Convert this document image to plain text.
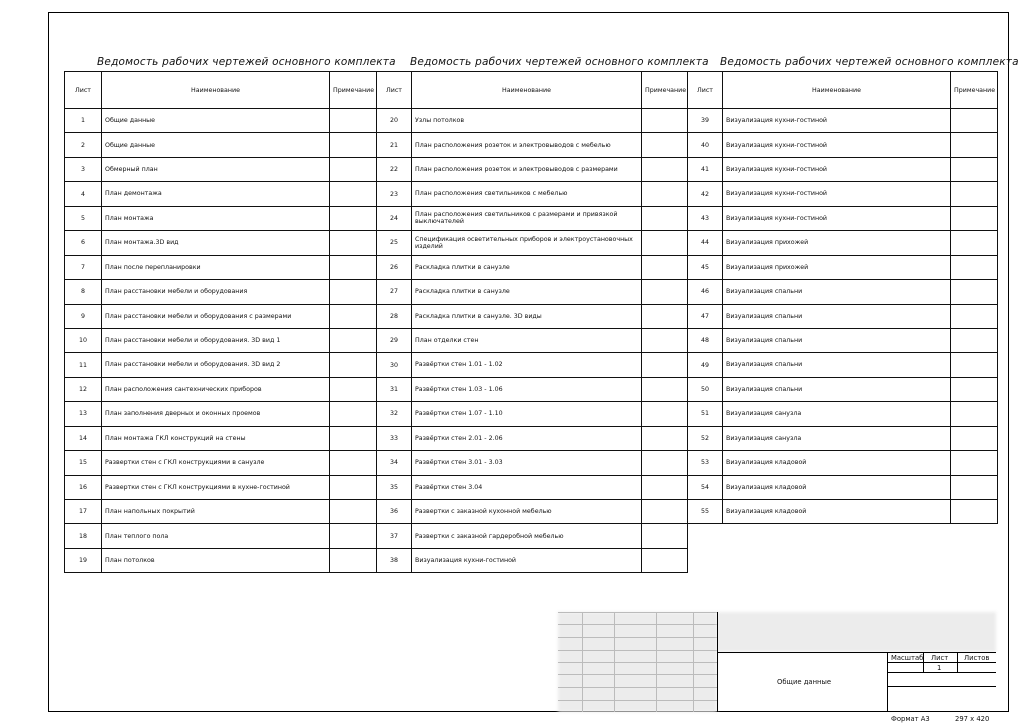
Ведомость рабочих чертежей основного комплекта Ведомость рабочих чертежей основного комплекта Ведомость рабочих чертежей основного комплекта
Лист	Наименование	Примечание
1	Общие данные	
2	Общие данные	
3	Обмерный план	
4	План демонтажа	
5	План монтажа	
6	План монтажа.3D вид	
7	План после перепланировки	
8	План расстановки мебели и оборудования	
9	План расстановки мебели и оборудования с размерами	
10	План расстановки мебели и оборудования. 3D вид 1	
11	План расстановки мебели и оборудования. 3D вид 2	
12	План расположения сантехнических приборов	
13	План заполнения дверных и оконных проемов	
14	План монтажа ГКЛ конструкций на стены	
15	Развертки стен с ГКЛ конструкциями в санузле	
16	Развертки стен с ГКЛ конструкциями в кухне-гостиной	
17	План напольных покрытий	
18	План теплого пола	
19	План потолков	
Лист	Наименование	Примечание
20	Узлы потолков	
21	План расположения розеток и электровыводов с мебелью	
22	План расположения розеток и электровыводов с размерами	
23	План расположения светильников с мебелью	
24	План расположения светильников с размерами и привязкой выключателей	
25	Спецификация осветительных приборов и электроустановочных изделий	
26	Раскладка плитки в санузле	
27	Раскладка плитки в санузле	
28	Раскладка плитки в санузле. 3D виды	
29	План отделки стен	
30	Развёртки стен 1.01 - 1.02	
31	Развёртки стен 1.03 - 1.06	
32	Развёртки стен 1.07 - 1.10	
33	Развёртки стен 2.01 - 2.06	
34	Развёртки стен 3.01 - 3.03	
35	Развёртки стен 3.04	
36	Развертки с заказной кухонной мебелью	
37	Развертки с заказной гардеробной мебелью	
38	Визуализация кухни-гостиной	
Лист	Наименование	Примечание
39	Визуализация кухни-гостиной	
40	Визуализация кухни-гостиной	
41	Визуализация кухни-гостиной	
42	Визуализация кухни-гостиной	
43	Визуализация кухни-гостиной	
44	Визуализация прихожей	
45	Визуализация прихожей	
46	Визуализация спальни	
47	Визуализация спальни	
48	Визуализация спальни	
49	Визуализация спальни	
50	Визуализация спальни	
51	Визуализация санузла	
52	Визуализация санузла	
53	Визуализация кладовой	
54	Визуализация кладовой	
55	Визуализация кладовой	
Масштаб Лист Листов
1
Общие данные
Формат А3	297 х 420
